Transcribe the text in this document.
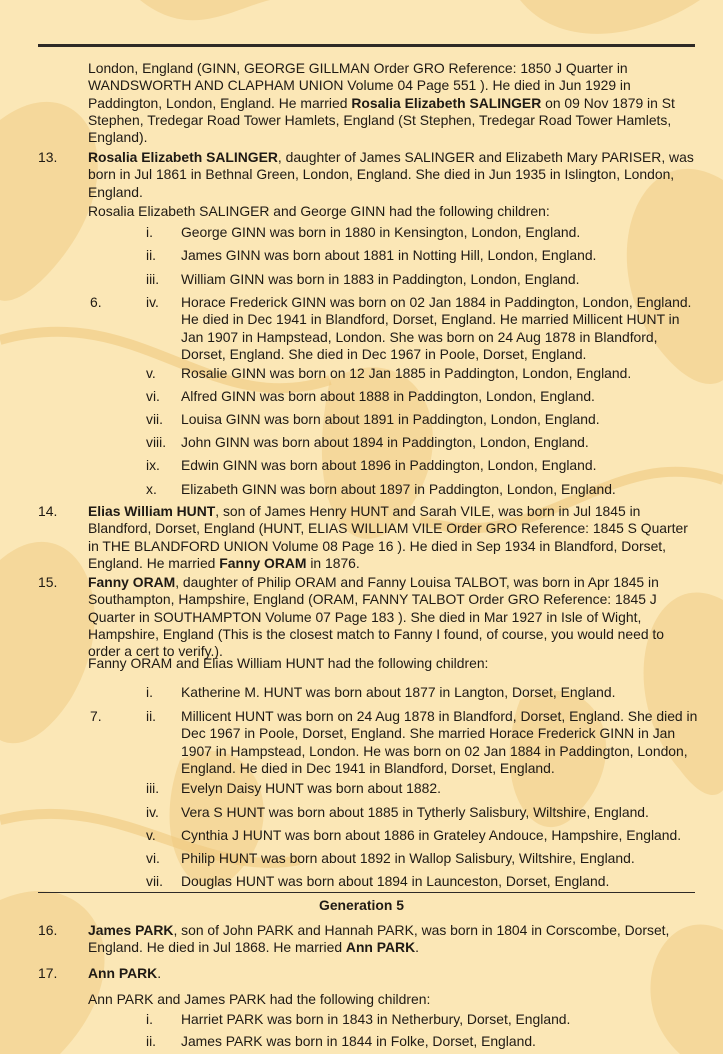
London, England (GINN, GEORGE GILLMAN Order GRO Reference: 1850 J Quarter in WANDSWORTH AND CLAPHAM UNION Volume 04 Page 551 ). He died in Jun 1929 in Paddington, London, England. He married Rosalia Elizabeth SALINGER on 09 Nov 1879 in St Stephen, Tredegar Road Tower Hamlets, England (St Stephen, Tredegar Road Tower Hamlets, England).
13. Rosalia Elizabeth SALINGER, daughter of James SALINGER and Elizabeth Mary PARISER, was born in Jul 1861 in Bethnal Green, London, England. She died in Jun 1935 in Islington, London, England.
Rosalia Elizabeth SALINGER and George GINN had the following children:
i. George GINN was born in 1880 in Kensington, London, England.
ii. James GINN was born about 1881 in Notting Hill, London, England.
iii. William GINN was born in 1883 in Paddington, London, England.
6.	iv. Horace Frederick GINN was born on 02 Jan 1884 in Paddington, London, England. He died in Dec 1941 in Blandford, Dorset, England. He married Millicent HUNT in Jan 1907 in Hampstead, London. She was born on 24 Aug 1878 in Blandford, Dorset, England. She died in Dec 1967 in Poole, Dorset, England.
v. Rosalie GINN was born on 12 Jan 1885 in Paddington, London, England.
vi. Alfred GINN was born about 1888 in Paddington, London, England.
vii. Louisa GINN was born about 1891 in Paddington, London, England.
viii. John GINN was born about 1894 in Paddington, London, England.
ix. Edwin GINN was born about 1896 in Paddington, London, England.
x. Elizabeth GINN was born about 1897 in Paddington, London, England.
14. Elias William HUNT, son of James Henry HUNT and Sarah VILE, was born in Jul 1845 in Blandford, Dorset, England (HUNT, ELIAS WILLIAM VILE Order GRO Reference: 1845 S Quarter in THE BLANDFORD UNION Volume 08 Page 16 ). He died in Sep 1934 in Blandford, Dorset, England. He married Fanny ORAM in 1876.
15. Fanny ORAM, daughter of Philip ORAM and Fanny Louisa TALBOT, was born in Apr 1845 in Southampton, Hampshire, England (ORAM, FANNY TALBOT Order GRO Reference: 1845 J Quarter in SOUTHAMPTON Volume 07 Page 183 ). She died in Mar 1927 in Isle of Wight, Hampshire, England (This is the closest match to Fanny I found, of course, you would need to order a cert to verify.).
Fanny ORAM and Elias William HUNT had the following children:
i. Katherine M. HUNT was born about 1877 in Langton, Dorset, England.
7.	ii. Millicent HUNT was born on 24 Aug 1878 in Blandford, Dorset, England. She died in Dec 1967 in Poole, Dorset, England. She married Horace Frederick GINN in Jan 1907 in Hampstead, London. He was born on 02 Jan 1884 in Paddington, London, England. He died in Dec 1941 in Blandford, Dorset, England.
iii. Evelyn Daisy HUNT was born about 1882.
iv. Vera S HUNT was born about 1885 in Tytherly Salisbury, Wiltshire, England.
v. Cynthia J HUNT was born about 1886 in Grateley Andouce, Hampshire, England.
vi. Philip HUNT was born about 1892 in Wallop Salisbury, Wiltshire, England.
vii. Douglas HUNT was born about 1894 in Launceston, Dorset, England.
Generation 5
16. James PARK, son of John PARK and Hannah PARK, was born in 1804 in Corscombe, Dorset, England. He died in Jul 1868. He married Ann PARK.
17. Ann PARK.
Ann PARK and James PARK had the following children:
i. Harriet PARK was born in 1843 in Netherbury, Dorset, England.
ii. James PARK was born in 1844 in Folke, Dorset, England.
